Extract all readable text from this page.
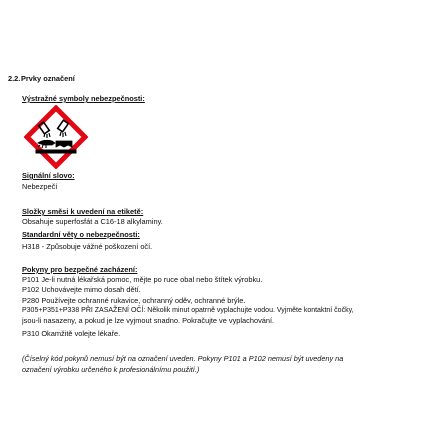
2.2. Prvky označení
Výstražné symboly nebezpečnosti:
Signální slovo:
Nebezpečí
Složky směsi k uvedení na etiketě:
Obsahuje superfosfát a C16-18 alkylaminy.
Standardní věty o nebezpečnosti:
H318 - Způsobuje vážné poškození očí.
Pokyny pro bezpečné zacházení:
P101 Je-li nutná lékařská pomoc, mějte po ruce obal nebo štítek výrobku.
P102 Uchovávejte mimo dosah dětí.
P280 Používejte ochranné rukavice, ochranný oděv, ochranné brýle.
P305+P351+P338 PŘI ZASAŽENÍ OČÍ: Několik minut opatrně vyplachujte vodou. Vyjměte kontaktní čočky,
jsou-li nasazeny, a pokud je lze vyjmout snadno. Pokračujte ve vyplachování.
P310 Okamžitě volejte lékaře.
(Číselný kód pokynů nemusí být na označení uveden. Pokyny P101 a P102 nemusí být uvedeny na
označení výrobku určeného k profesionálnímu použití.)
